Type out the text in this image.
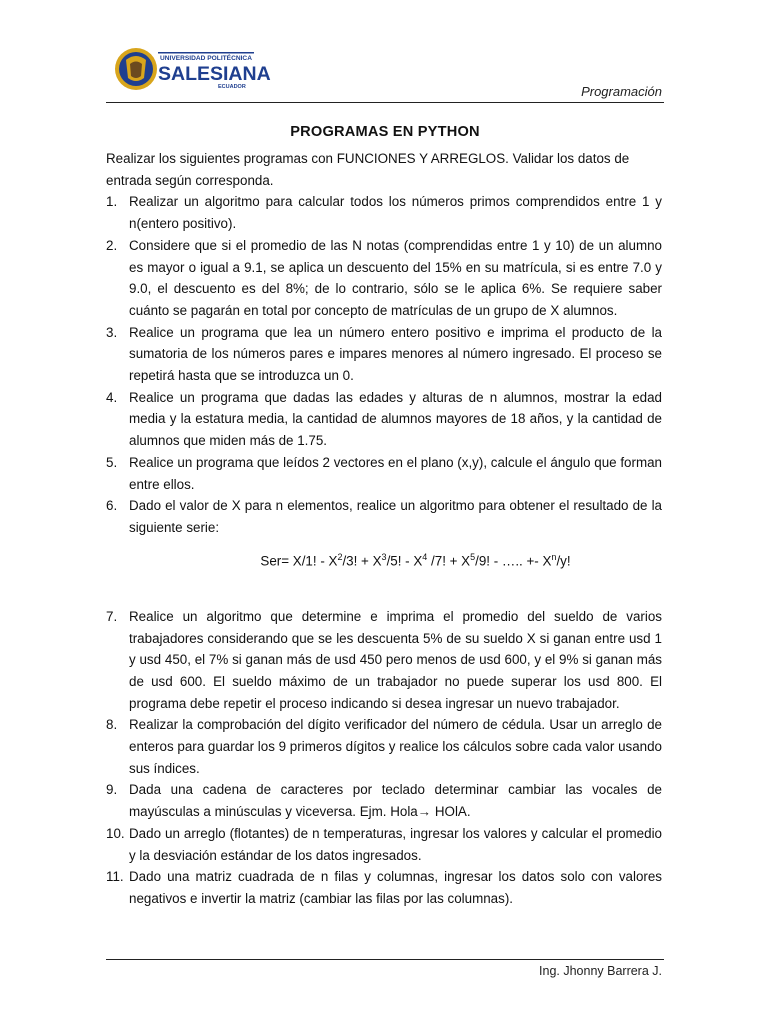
UNIVERSIDAD POLITÉCNICA
SALESIANA
ECUADOR	Programación
PROGRAMAS EN PYTHON

Realizar los siguientes programas con FUNCIONES Y ARREGLOS. Validar los datos de entrada según corresponda.

1. Realizar un algoritmo para calcular todos los números primos comprendidos entre 1 y n(entero positivo).
2. Considere que si el promedio de las N notas (comprendidas entre 1 y 10) de un alumno es mayor o igual a 9.1, se aplica un descuento del 15% en su matrícula, si es entre 7.0 y 9.0, el descuento es del 8%; de lo contrario, sólo se le aplica 6%. Se requiere saber cuánto se pagarán en total por concepto de matrículas de un grupo de X alumnos.
3. Realice un programa que lea un número entero positivo e imprima el producto de la sumatoria de los números pares e impares menores al número ingresado. El proceso se repetirá hasta que se introduzca un 0.
4. Realice un programa que dadas las edades y alturas de n alumnos, mostrar la edad media y la estatura media, la cantidad de alumnos mayores de 18 años, y la cantidad de alumnos que miden más de 1.75.
5. Realice un programa que leídos 2 vectores en el plano (x,y), calcule el ángulo que forman entre ellos.
6. Dado el valor de X para n elementos, realice un algoritmo para obtener el resultado de la siguiente serie:
Ser= X/1! - $X^2/3$! + $X^3/5$! - $X^4$ /7! + $X^5/9$! - ….. +- $X^n/y$!
7. Realice un algoritmo que determine e imprima el promedio del sueldo de varios trabajadores considerando que se les descuenta 5% de su sueldo X si ganan entre usd 1 y usd 450, el 7% si ganan más de usd 450 pero menos de usd 600, y el 9% si ganan más de usd 600. El sueldo máximo de un trabajador no puede superar los usd 800. El programa debe repetir el proceso indicando si desea ingresar un nuevo trabajador.
8. Realizar la comprobación del dígito verificador del número de cédula. Usar un arreglo de enteros para guardar los 9 primeros dígitos y realice los cálculos sobre cada valor usando sus índices.
9. Dada una cadena de caracteres por teclado determinar cambiar las vocales de mayúsculas a minúsculas y viceversa. Ejm. Hola→ HOlA.
10. Dado un arreglo (flotantes) de n temperaturas, ingresar los valores y calcular el promedio y la desviación estándar de los datos ingresados.
11. Dado una matriz cuadrada de n filas y columnas, ingresar los datos solo con valores negativos e invertir la matriz (cambiar las filas por las columnas).
Ing. Jhonny Barrera J.
